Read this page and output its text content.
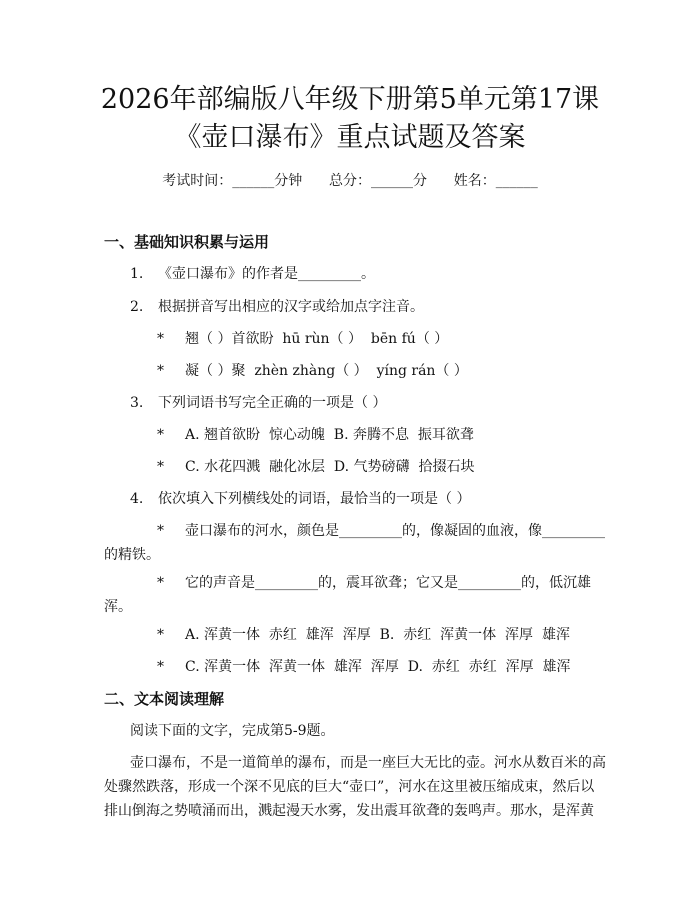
2026年部编版八年级下册第5单元第17课
《壶口瀑布》重点试题及答案
考试时间：______分钟      总分：______分      姓名：______
一、基础知识积累与运用
1. 《壶口瀑布》的作者是_________。
2. 根据拼音写出相应的汉字或给加点字注音。
* 翘（ ）首欲盼  hū rùn（ ）  bēn fú（ ）
* 凝（ ）聚  zhèn zhàng（ ）  yíng rán（ ）
3. 下列词语书写完全正确的一项是（ ）
* A. 翘首欲盼  惊心动魄  B. 奔腾不息  振耳欲聋
* C. 水花四溅  融化冰层  D. 气势磅礴  拾掇石块
4. 依次填入下列横线处的词语，最恰当的一项是（ ）
* 壶口瀑布的河水，颜色是_________的，像凝固的血液，像_________
的精铁。
* 它的声音是_________的，震耳欲聋；它又是_________的，低沉雄
浑。
* A. 浑黄一体  赤红  雄浑  浑厚  B.  赤红  浑黄一体  浑厚  雄浑
* C. 浑黄一体  浑黄一体  雄浑  浑厚  D.  赤红  赤红  浑厚  雄浑
二、文本阅读理解
阅读下面的文字，完成第5-9题。
壶口瀑布，不是一道简单的瀑布，而是一座巨大无比的壶。河水从数百米的高
处骤然跌落，形成一个深不见底的巨大“壶口”，河水在这里被压缩成束，然后以
排山倒海之势喷涌而出，溅起漫天水雾，发出震耳欲聋的轰鸣声。那水，是浑黄
